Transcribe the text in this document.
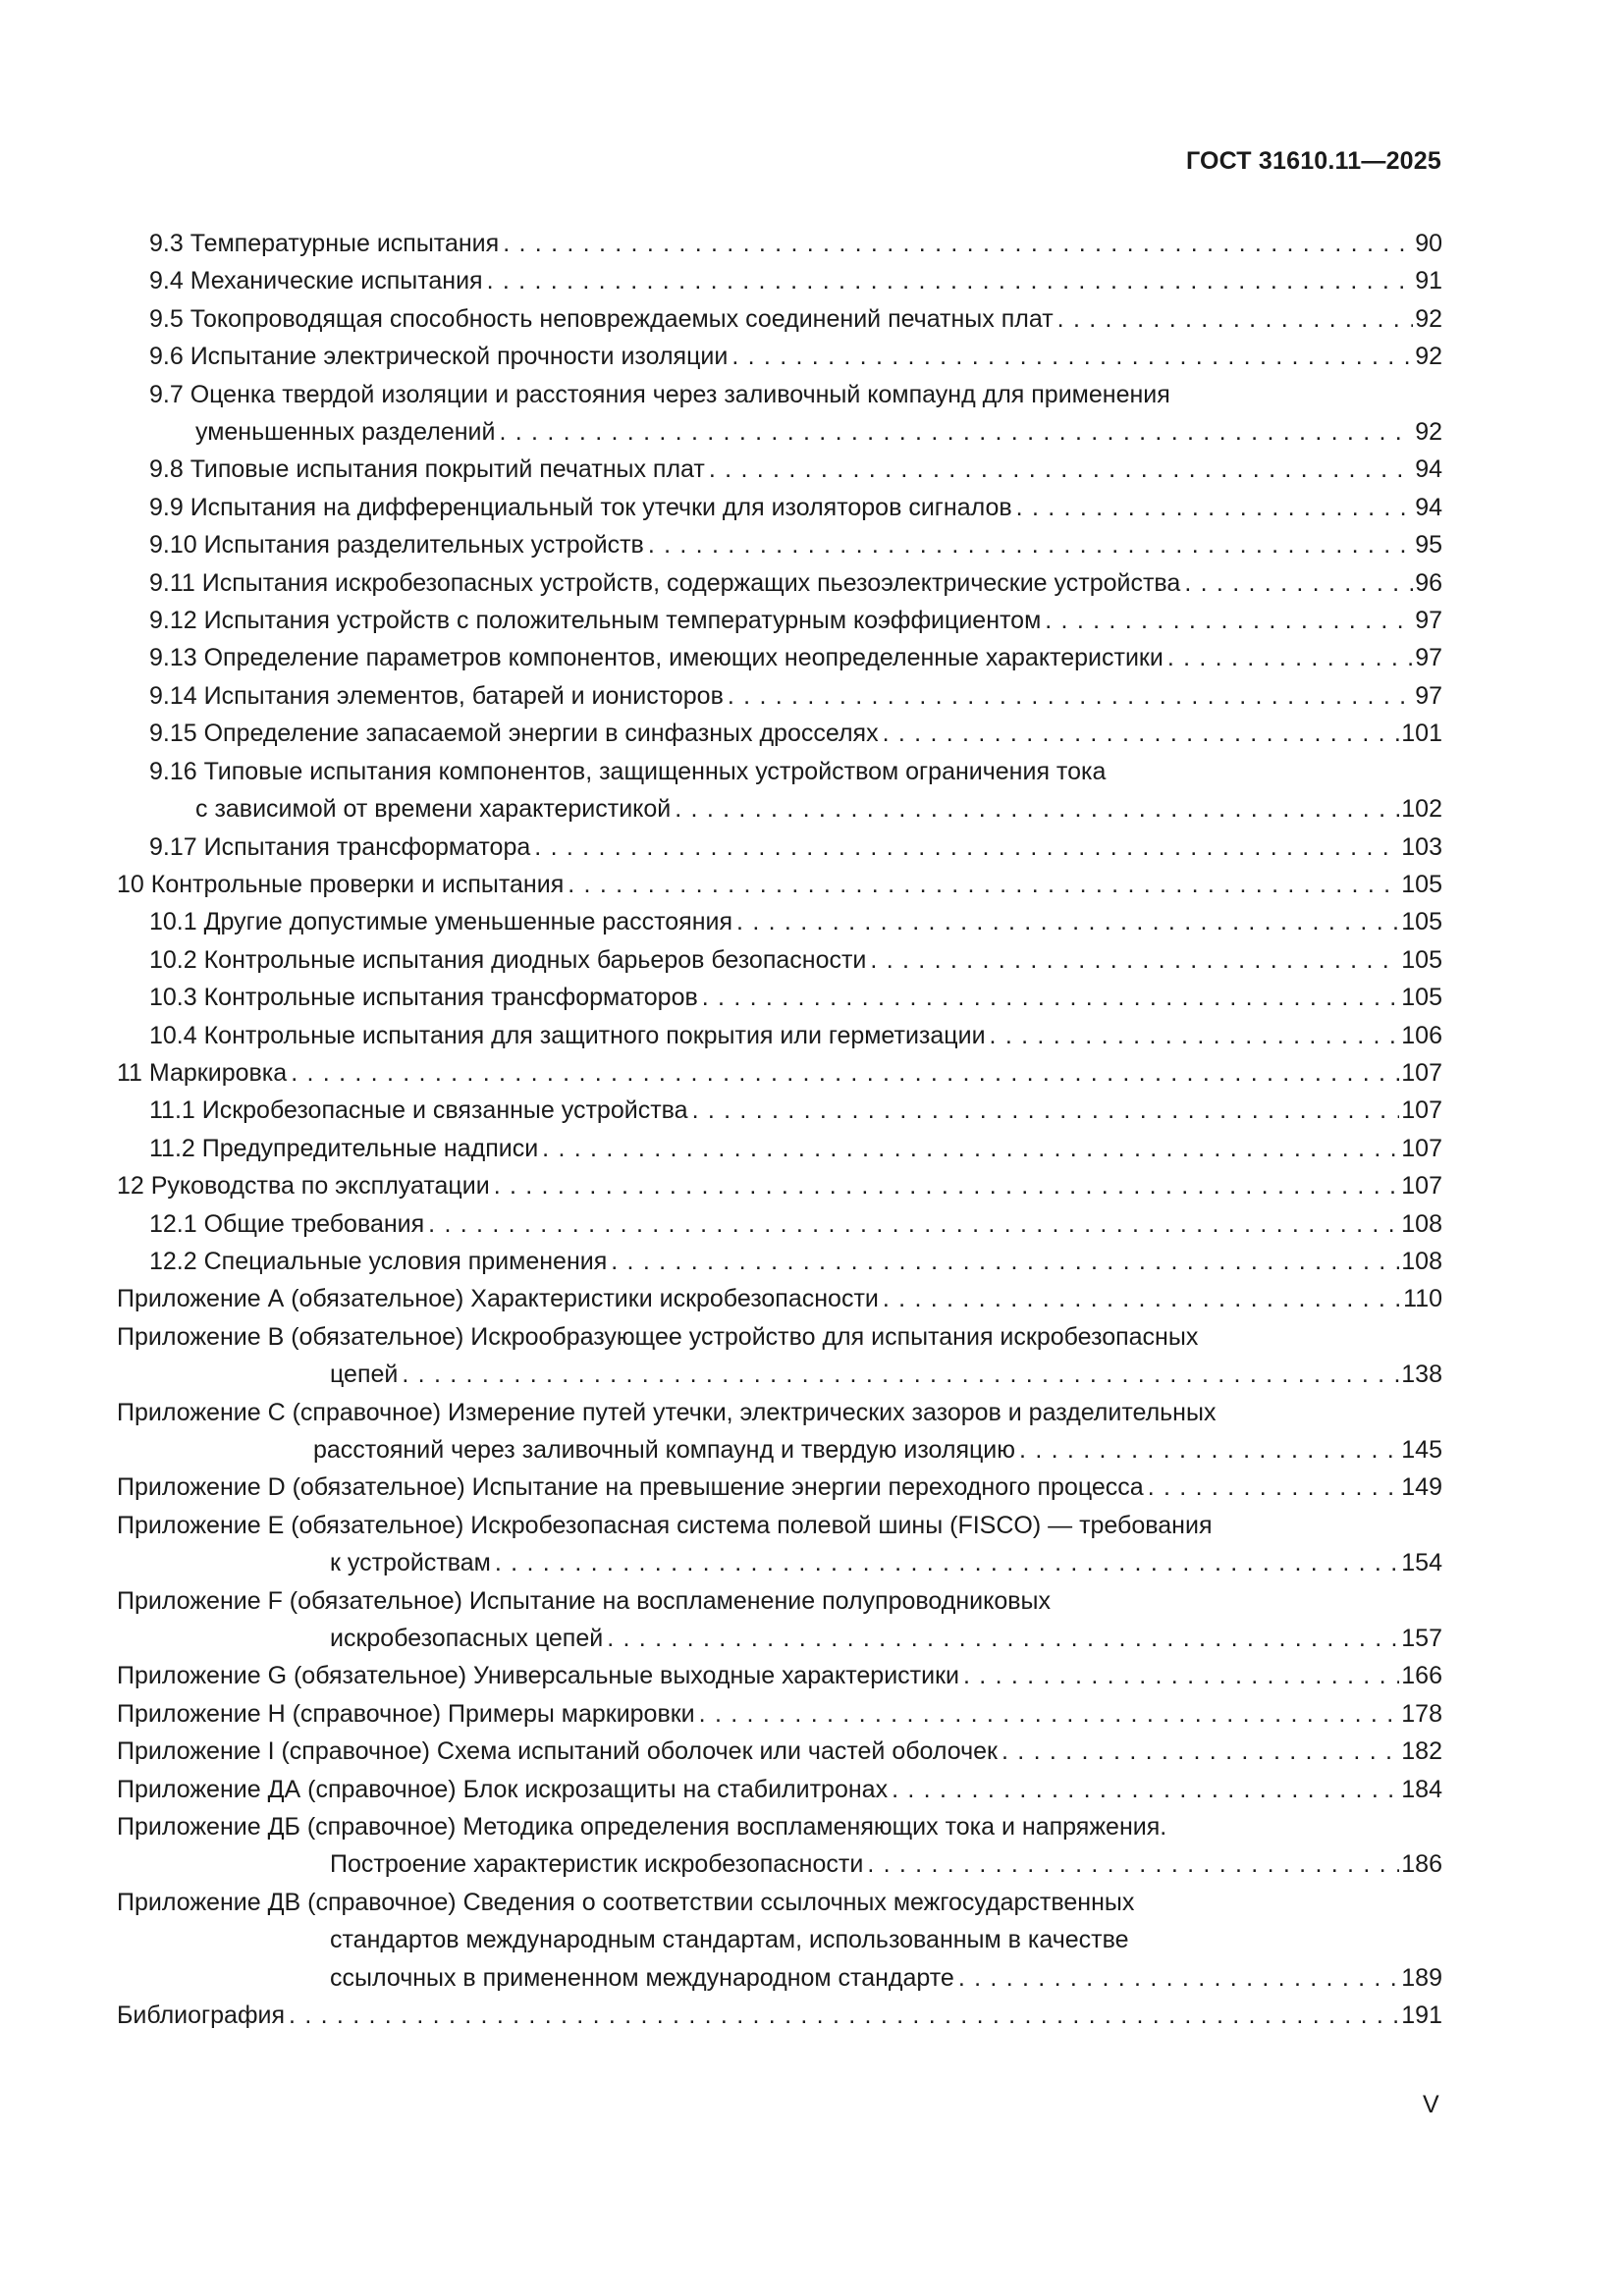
ГОСТ 31610.11—2025
9.3 Температурные испытания . . .	90
9.4 Механические испытания . . .	91
9.5 Токопроводящая способность неповреждаемых соединений печатных плат . . .	92
9.6 Испытание электрической прочности изоляции . . .	92
9.7 Оценка твердой изоляции и расстояния через заливочный компаунд для применения
уменьшенных разделений . . .	92
9.8 Типовые испытания покрытий печатных плат . . .	94
9.9 Испытания на дифференциальный ток утечки для изоляторов сигналов . . .	94
9.10 Испытания разделительных устройств . . .	95
9.11 Испытания искробезопасных устройств, содержащих пьезоэлектрические устройства . . .	96
9.12 Испытания устройств с положительным температурным коэффициентом . . .	97
9.13 Определение параметров компонентов, имеющих неопределенные характеристики . . .	97
9.14 Испытания элементов, батарей и ионисторов . . .	97
9.15 Определение запасаемой энергии в синфазных дросселях . . .	101
9.16 Типовые испытания компонентов, защищенных устройством ограничения тока
с зависимой от времени характеристикой . . .	102
9.17 Испытания трансформатора . . .	103
10 Контрольные проверки и испытания . . .	105
10.1 Другие допустимые уменьшенные расстояния . . .	105
10.2 Контрольные испытания диодных барьеров безопасности . . .	105
10.3 Контрольные испытания трансформаторов . . .	105
10.4 Контрольные испытания для защитного покрытия или герметизации . . .	106
11 Маркировка . . .	107
11.1 Искробезопасные и связанные устройства . . .	107
11.2 Предупредительные надписи . . .	107
12 Руководства по эксплуатации . . .	107
12.1 Общие требования . . .	108
12.2 Специальные условия применения . . .	108
Приложение А (обязательное) Характеристики искробезопасности . . .	110
Приложение В (обязательное) Искрообразующее устройство для испытания искробезопасных
цепей . . .	138
Приложение С (справочное) Измерение путей утечки, электрических зазоров и разделительных
расстояний через заливочный компаунд и твердую изоляцию . . .	145
Приложение D (обязательное) Испытание на превышение энергии переходного процесса . . .	149
Приложение Е (обязательное) Искробезопасная система полевой шины (FISCO) — требования
к устройствам . . .	154
Приложение F (обязательное) Испытание на воспламенение полупроводниковых
искробезопасных цепей . . .	157
Приложение G (обязательное) Универсальные выходные характеристики . . .	166
Приложение Н (справочное) Примеры маркировки . . .	178
Приложение I (справочное) Схема испытаний оболочек или частей оболочек . . .	182
Приложение ДА (справочное) Блок искрозащиты на стабилитронах . . .	184
Приложение ДБ (справочное) Методика определения воспламеняющих тока и напряжения.
Построение характеристик искробезопасности . . .	186
Приложение ДВ (справочное) Сведения о соответствии ссылочных межгосударственных
стандартов международным стандартам, использованным в качестве
ссылочных в примененном международном стандарте . . .	189
Библиография . . .	191
V
